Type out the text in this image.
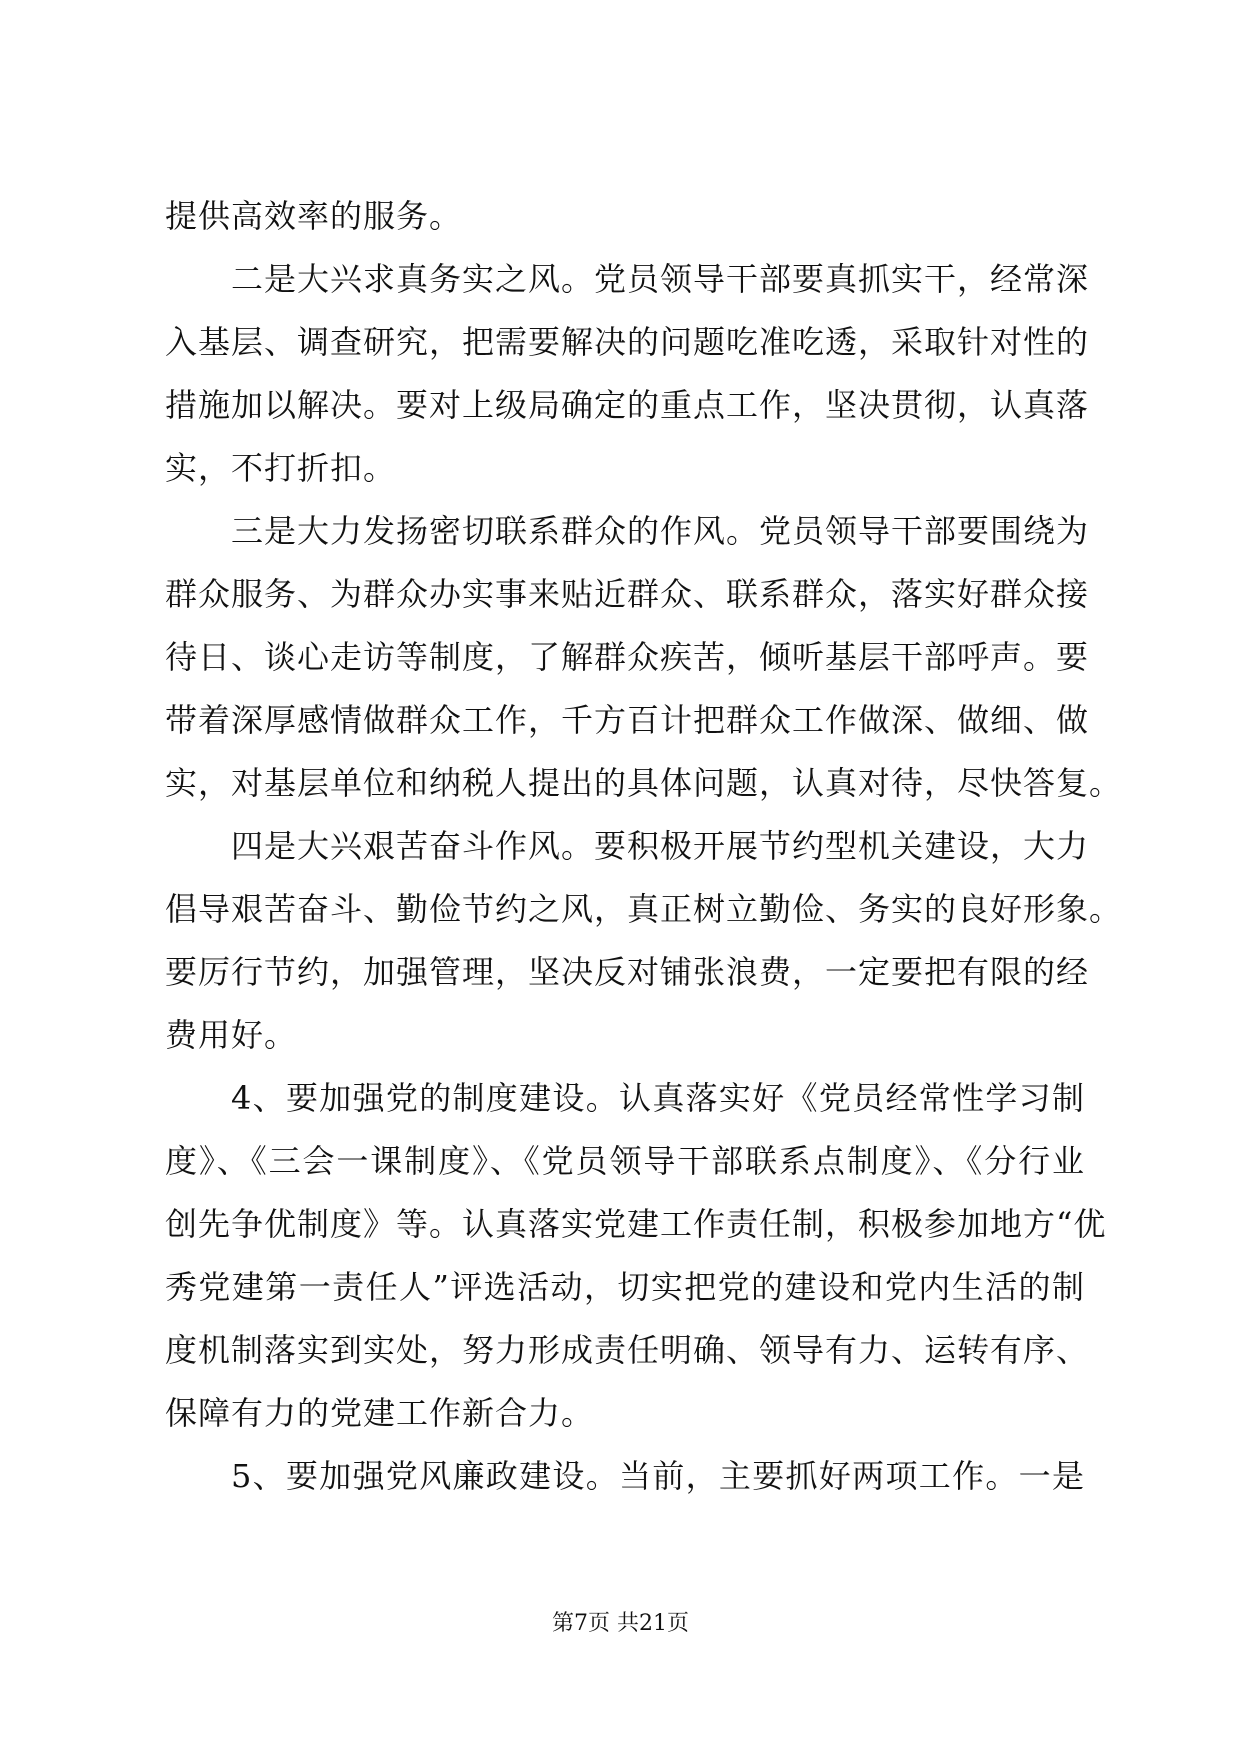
提供高效率的服务。
二是大兴求真务实之风。党员领导干部要真抓实干，经常深
入基层、调查研究，把需要解决的问题吃准吃透，采取针对性的
措施加以解决。要对上级局确定的重点工作，坚决贯彻，认真落
实，不打折扣。
三是大力发扬密切联系群众的作风。党员领导干部要围绕为
群众服务、为群众办实事来贴近群众、联系群众，落实好群众接
待日、谈心走访等制度，了解群众疾苦，倾听基层干部呼声。要
带着深厚感情做群众工作，千方百计把群众工作做深、做细、做
实，对基层单位和纳税人提出的具体问题，认真对待，尽快答复。
四是大兴艰苦奋斗作风。要积极开展节约型机关建设，大力
倡导艰苦奋斗、勤俭节约之风，真正树立勤俭、务实的良好形象。
要厉行节约，加强管理，坚决反对铺张浪费，一定要把有限的经
费用好。
4、要加强党的制度建设。认真落实好《党员经常性学习制
度》、《三会一课制度》、《党员领导干部联系点制度》、《分行业
创先争优制度》等。认真落实党建工作责任制，积极参加地方“优
秀党建第一责任人”评选活动，切实把党的建设和党内生活的制
度机制落实到实处，努力形成责任明确、领导有力、运转有序、
保障有力的党建工作新合力。
5、要加强党风廉政建设。当前，主要抓好两项工作。一是
第7页 共21页
